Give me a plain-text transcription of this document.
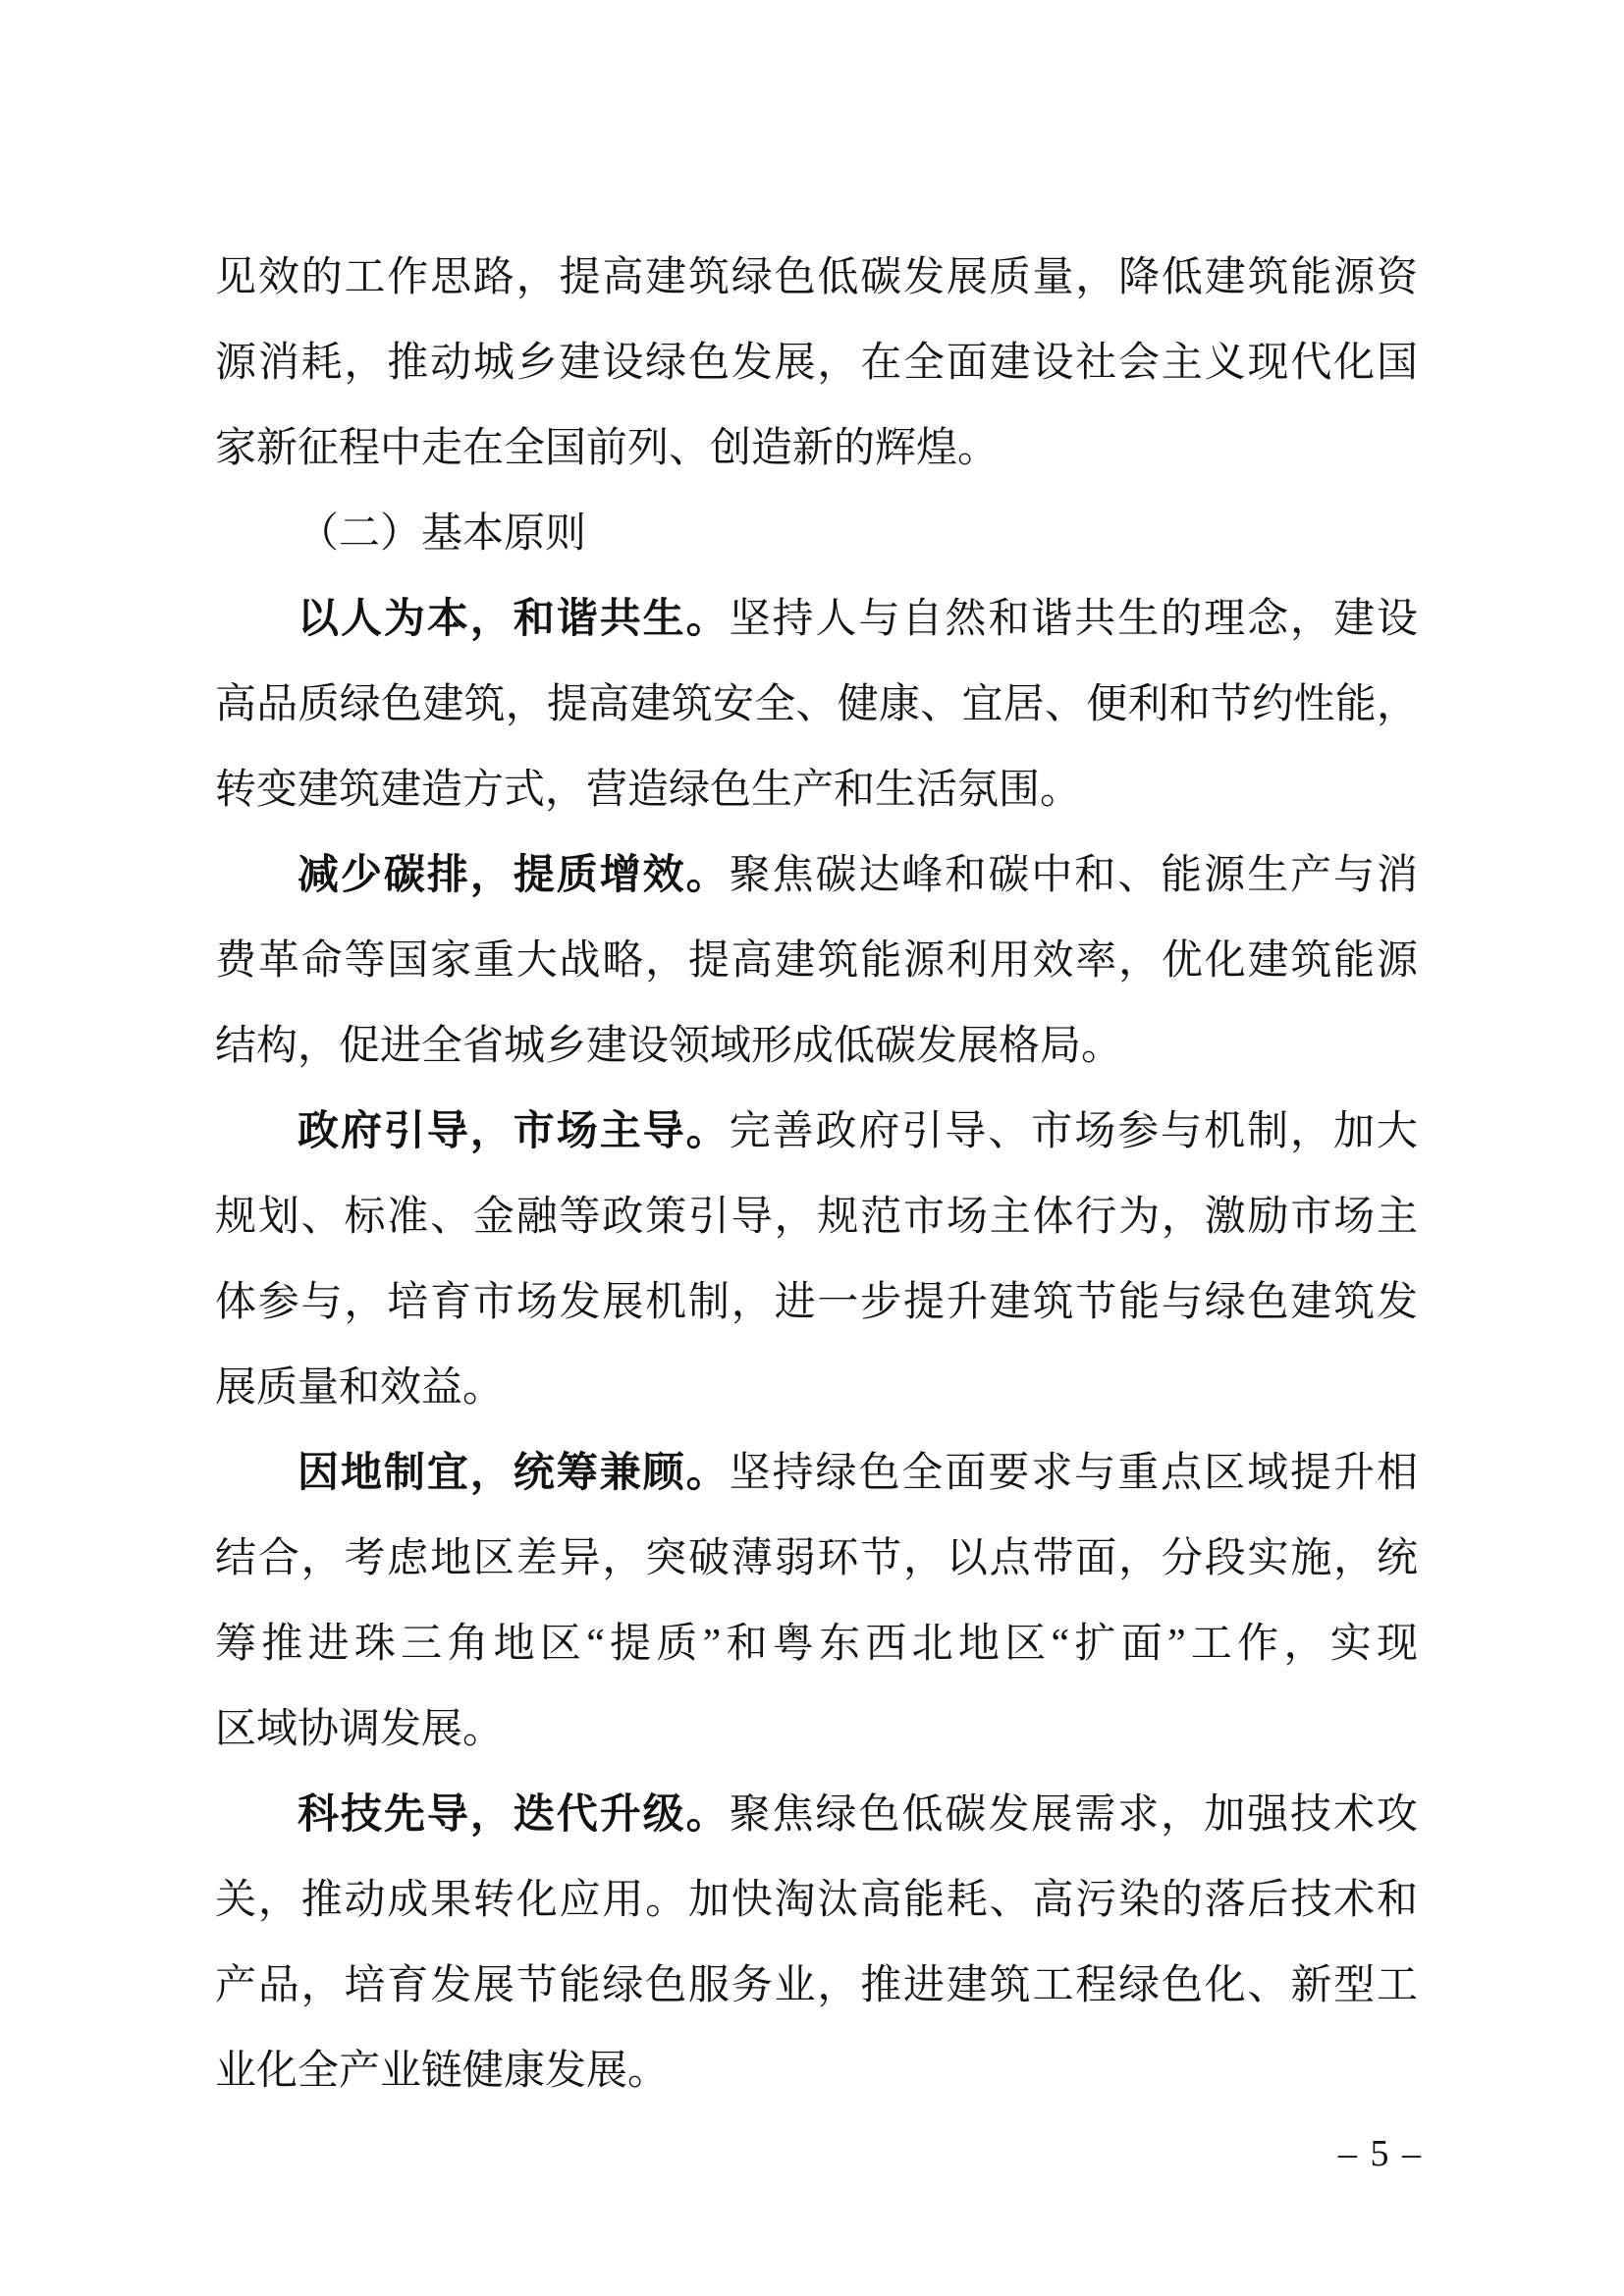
见效的工作思路，提高建筑绿色低碳发展质量，降低建筑能源资
源消耗，推动城乡建设绿色发展，在全面建设社会主义现代化国
家新征程中走在全国前列、创造新的辉煌。
（二）基本原则
以人为本，和谐共生。坚持人与自然和谐共生的理念，建设
高品质绿色建筑，提高建筑安全、健康、宜居、便利和节约性能，
转变建筑建造方式，营造绿色生产和生活氛围。
减少碳排，提质增效。聚焦碳达峰和碳中和、能源生产与消
费革命等国家重大战略，提高建筑能源利用效率，优化建筑能源
结构，促进全省城乡建设领域形成低碳发展格局。
政府引导，市场主导。完善政府引导、市场参与机制，加大
规划、标准、金融等政策引导，规范市场主体行为，激励市场主
体参与，培育市场发展机制，进一步提升建筑节能与绿色建筑发
展质量和效益。
因地制宜，统筹兼顾。坚持绿色全面要求与重点区域提升相
结合，考虑地区差异，突破薄弱环节，以点带面，分段实施，统
筹推进珠三角地区“提质”和粤东西北地区“扩面”工作，实现
区域协调发展。
科技先导，迭代升级。聚焦绿色低碳发展需求，加强技术攻
关，推动成果转化应用。加快淘汰高能耗、高污染的落后技术和
产品，培育发展节能绿色服务业，推进建筑工程绿色化、新型工
业化全产业链健康发展。
– 5 –
